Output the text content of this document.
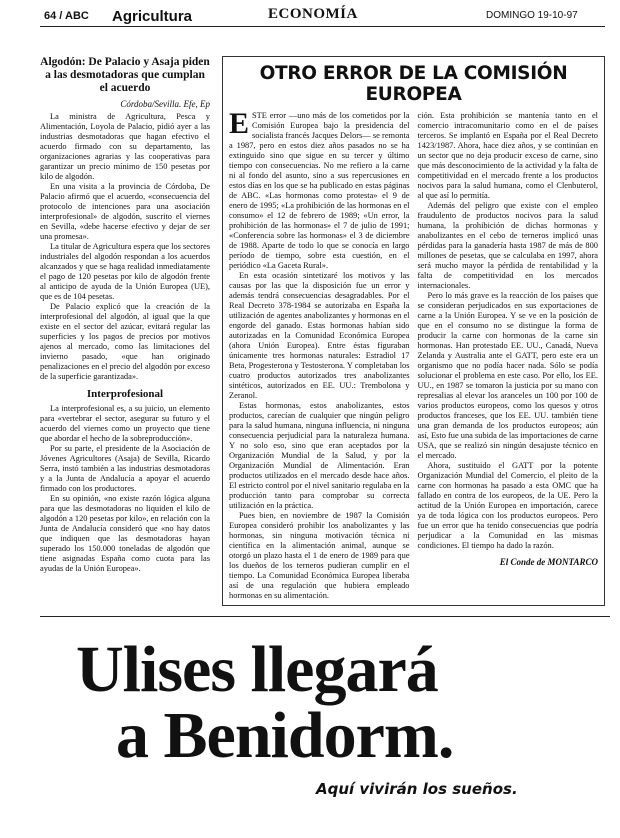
64 / ABC Agricultura	ECONOMÍA	DOMINGO 19-10-97

Algodón: De Palacio y Asaja piden a las desmotadoras que cumplan el acuerdo

Córdoba/Sevilla. Efe, Ep

La ministra de Agricultura, Pesca y Alimentación, Loyola de Palacio, pidió ayer a las industrias desmotadoras que hagan efectivo el acuerdo firmado con su departamento, las organizaciones agrarias y las cooperativas para garantizar un precio mínimo de 150 pesetas por kilo de algodón.

En una visita a la provincia de Córdoba, De Palacio afirmó que el acuerdo, «consecuencia del protocolo de intenciones para una asociación interprofesional» de algodón, suscrito el viernes en Sevilla, «debe hacerse efectivo y dejar de ser una promesa».

La titular de Agricultura espera que los sectores industriales del algodón respondan a los acuerdos alcanzados y que se haga realidad inmediatamente el pago de 120 pesetas por kilo de algodón frente al anticipo de ayuda de la Unión Europea (UE), que es de 104 pesetas.

De Palacio explicó que la creación de la interprofesional del algodón, al igual que la que existe en el sector del azúcar, evitará regular las superficies y los pagos de precios por motivos ajenos al mercado, como las limitaciones del invierno pasado, «que han originado penalizaciones en el precio del algodón por exceso de la superficie garantizada».

Interprofesional

La interprofesional es, a su juicio, un elemento para «vertebrar el sector, asegurar su futuro y el acuerdo del viernes como un proyecto que tiene que abordar el hecho de la sobreproducción».

Por su parte, el presidente de la Asociación de Jóvenes Agricultores (Asaja) de Sevilla, Ricardo Serra, instó también a las industrias desmotadoras y a la Junta de Andalucía a apoyar el acuerdo firmado con los productores.

En su opinión, «no existe razón lógica alguna para que las desmotadoras no liquiden el kilo de algodón a 120 pesetas por kilo», en relación con la Junta de Andalucía consideró que «no hay datos que indiquen que las desmotadoras hayan superado los 150.000 toneladas de algodón que tiene asignadas España como cuota para las ayudas de la Unión Europea».

OTRO ERROR DE LA COMISIÓN EUROPEA
E STE error —uno más de los cometidos por la Comisión Europea bajo la presidencia del socialista francés Jacques Delors— se remonta a 1987, pero en estos diez años pasados no se ha extinguido sino que sigue en su tercer y último tiempo con consecuencias. No me refiero a la carne ni al fondo del asunto, sino a sus repercusiones en estos días en los que se ha publicado en estas páginas de ABC. «Las hormonas como protesta» el 9 de enero de 1995; «La prohibición de las hormonas en el consumo» el 12 de febrero de 1989; «Un error, la prohibición de las hormonas» el 7 de julio de 1991; «Conferencia sobre las hormonas» el 3 de diciembre de 1988. Aparte de todo lo que se conocía en largo período de tiempo, sobre esta cuestión, en el periódico «La Gaceta Rural».

En esta ocasión sintetizaré los motivos y las causas por las que la disposición fue un error y además tendrá consecuencias desagradables. Por el Real Decreto 378-1984 se autorizaba en España la utilización de agentes anabolizantes y hormonas en el engorde del ganado. Estas hormonas habían sido autorizadas en la Comunidad Económica Europea (ahora Unión Europea). Entre éstas figuraban únicamente tres hormonas naturales: Estradiol 17 Beta, Progesterona y Testosterona. Y completaban los cuatro productos autorizados tres anabolizantes sintéticos, autorizados en EE. UU.: Trembolona y Zeranol.

Estas hormonas, estos anabolizantes, estos productos, carecían de cualquier que ningún peligro para la salud humana, ninguna influencia, ni ninguna consecuencia perjudicial para la naturaleza humana. Y no solo eso, sino que eran aceptados por la Organización Mundial de la Salud, y por la Organización Mundial de Alimentación. Eran productos utilizados en el mercado desde hace años. El estricto control por el nivel sanitario regulaba en la producción tanto para comprobar su correcta utilización en la práctica.

Pues bien, en noviembre de 1987 la Comisión Europea consideró prohibir los anabolizantes y las hormonas, sin ninguna motivación técnica ni científica en la alimentación animal, aunque se otorgó un plazo hasta el 1 de enero de 1989 para que los dueños de los terneros pudieran cumplir en el tiempo. La Comunidad Económica Europea liberaba así de una regulación que hubiera empleado hormonas en su alimentación.

ción. Esta prohibición se mantenía tanto en el comercio intracomunitario como en el de países terceros. Se implantó en España por el Real Decreto 1423/1987. Ahora, hace diez años, y se continúan en un sector que no deja producir exceso de carne, sino que más desconocimiento de la actividad y la falta de competitividad en el mercado frente a los productos nocivos para la salud humana, como el Clenbuterol, al que así lo permitía.

Además del peligro que existe con el empleo fraudulento de productos nocivos para la salud humana, la prohibición de dichas hormonas y anabolizantes en el cebo de terneros implicó unas pérdidas para la ganadería hasta 1987 de más de 800 millones de pesetas, que se calculaba en 1997, ahora será mucho mayor la pérdida de rentabilidad y la falta de competitividad en los mercados internacionales.

Pero lo más grave es la reacción de los países que se consideran perjudicados en sus exportaciones de carne a la Unión Europea. Y se ve en la posición de que en el consumo no se distingue la forma de producir la carne con hormonas de la carne sin hormonas. Han protestado EE. UU., Canadá, Nueva Zelanda y Australia ante el GATT, pero este era un organismo que no podía hacer nada. Sólo se podía solucionar el problema en este caso. Por ello, los EE. UU., en 1987 se tomaron la justicia por su mano con represalias al elevar los aranceles un 100 por 100 de varios productos europeos, como los quesos y otros productos franceses, que los EE. UU. también tiene una gran demanda de los productos europeos; aún así, Esto fue una subida de las importaciones de carne USA, que se realizó sin ningún desajuste técnico en el mercado.

Ahora, sustituido el GATT por la potente Organización Mundial del Comercio, el pleito de la carne con hormonas ha pasado a esta OMC que ha fallado en contra de los europeos, de la UE. Pero la actitud de la Unión Europea en importación, carece ya de toda lógica con los productos europeos. Pero fue un error que ha tenido consecuencias que podría perjudicar a la Comunidad en las mismas condiciones. El tiempo ha dado la razón.

El Conde de MONTARCO
Ulises llegará
a Benidorm.
Aquí vivirán los sueños.
